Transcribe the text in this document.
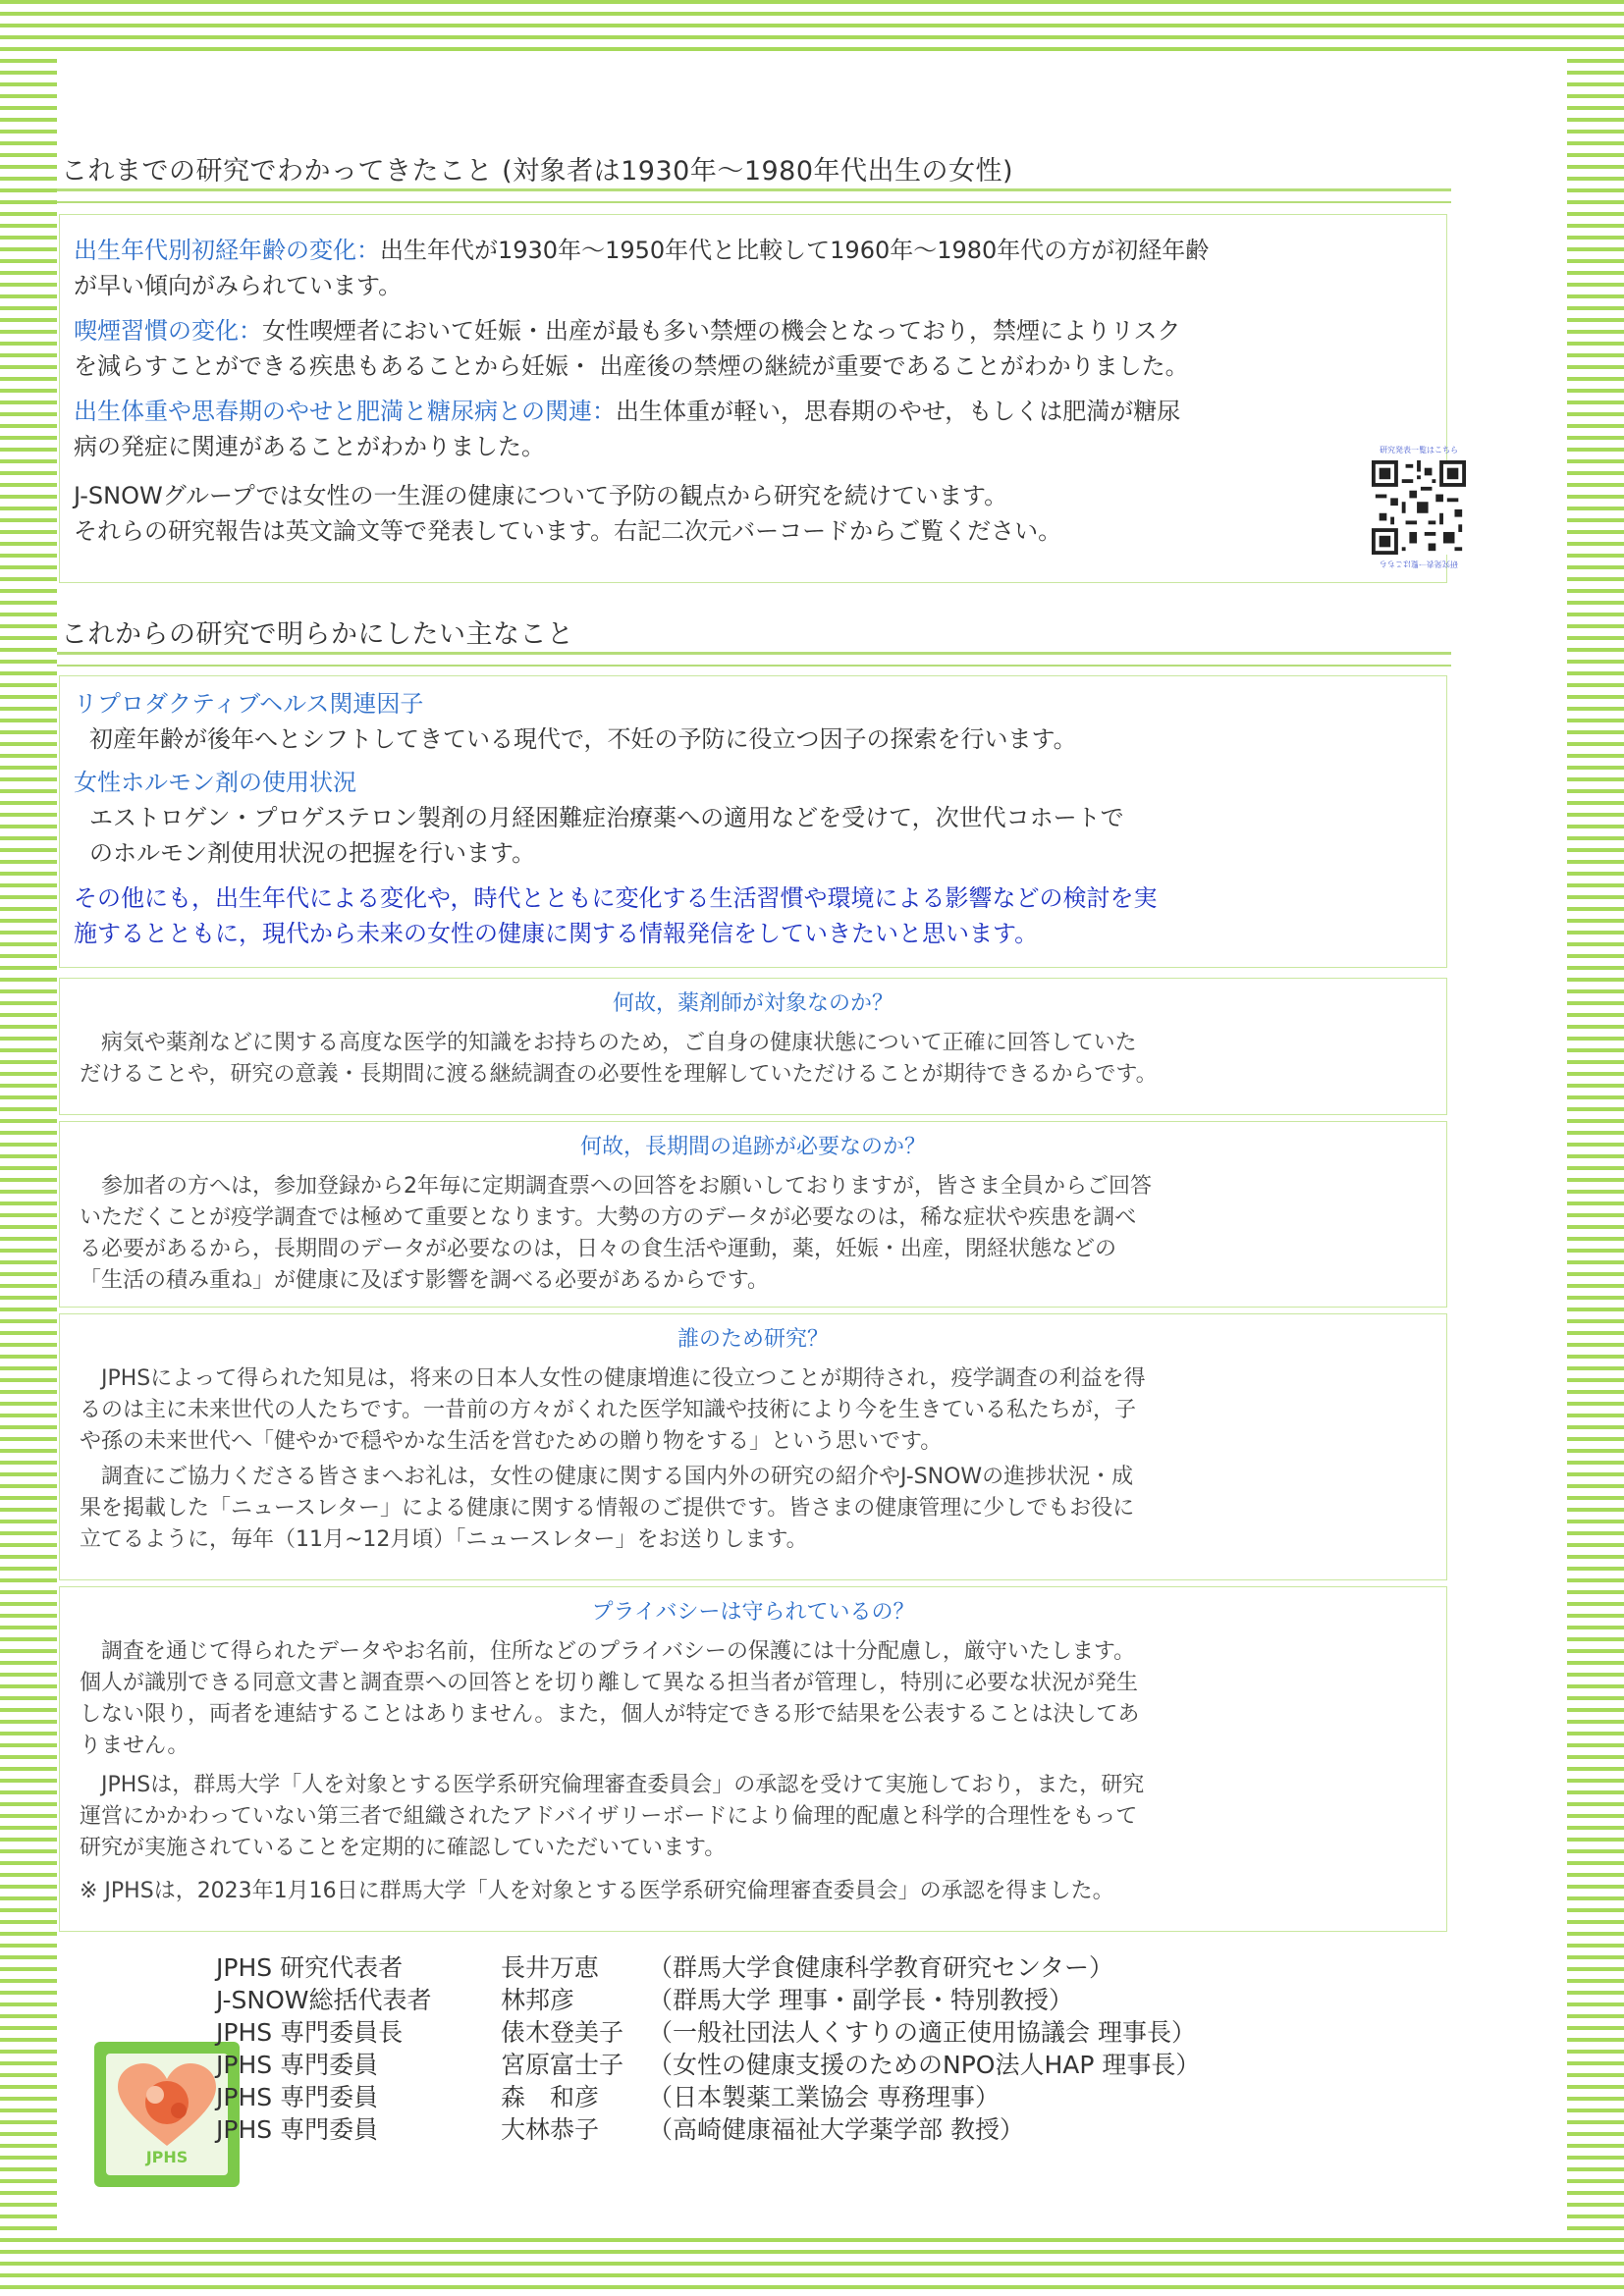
これまでの研究でわかってきたこと (対象者は1930年～1980年代出生の女性)

出生年代別初経年齢の変化：出生年代が1930年～1950年代と比較して1960年～1980年代の方が初経年齢
が早い傾向がみられています。

喫煙習慣の変化：女性喫煙者において妊娠・出産が最も多い禁煙の機会となっており，禁煙によりリスク
を減らすことができる疾患もあることから妊娠・ 出産後の禁煙の継続が重要であることがわかりました。

出生体重や思春期のやせと肥満と糖尿病との関連：出生体重が軽い，思春期のやせ，もしくは肥満が糖尿
病の発症に関連があることがわかりました。

J-SNOWグループでは女性の一生涯の健康について予防の観点から研究を続けています。
それらの研究報告は英文論文等で発表しています。右記二次元バーコードからご覧ください。

研究発表一覧はこちら
研究発表一覧はこちら
これからの研究で明らかにしたい主なこと
リプロダクティブヘルス関連因子
初産年齢が後年へとシフトしてきている現代で，不妊の予防に役立つ因子の探索を行います。
女性ホルモン剤の使用状況
エストロゲン・プロゲステロン製剤の月経困難症治療薬への適用などを受けて，次世代コホートで
のホルモン剤使用状況の把握を行います。
その他にも，出生年代による変化や，時代とともに変化する生活習慣や環境による影響などの検討を実
施するとともに，現代から未来の女性の健康に関する情報発信をしていきたいと思います。
何故，薬剤師が対象なのか？

病気や薬剤などに関する高度な医学的知識をお持ちのため，ご自身の健康状態について正確に回答していた
だけることや，研究の意義・長期間に渡る継続調査の必要性を理解していただけることが期待できるからです。

何故，長期間の追跡が必要なのか？

参加者の方へは，参加登録から2年毎に定期調査票への回答をお願いしておりますが，皆さま全員からご回答
いただくことが疫学調査では極めて重要となります。大勢の方のデータが必要なのは，稀な症状や疾患を調べ
る必要があるから，長期間のデータが必要なのは，日々の食生活や運動，薬，妊娠・出産，閉経状態などの
「生活の積み重ね」が健康に及ぼす影響を調べる必要があるからです。

誰のため研究？

JPHSによって得られた知見は，将来の日本人女性の健康増進に役立つことが期待され，疫学調査の利益を得
るのは主に未来世代の人たちです。一昔前の方々がくれた医学知識や技術により今を生きている私たちが，子
や孫の未来世代へ「健やかで穏やかな生活を営むための贈り物をする」という思いです。

調査にご協力くださる皆さまへお礼は，女性の健康に関する国内外の研究の紹介やJ-SNOWの進捗状況・成
果を掲載した「ニュースレター」による健康に関する情報のご提供です。皆さまの健康管理に少しでもお役に
立てるように，毎年（11月~12月頃）「ニュースレター」をお送りします。

プライバシーは守られているの？

調査を通じて得られたデータやお名前，住所などのプライバシーの保護には十分配慮し，厳守いたします。
個人が識別できる同意文書と調査票への回答とを切り離して異なる担当者が管理し，特別に必要な状況が発生
しない限り，両者を連結することはありません。また，個人が特定できる形で結果を公表することは決してあ
りません。

JPHSは，群馬大学「人を対象とする医学系研究倫理審査委員会」の承認を受けて実施しており，また，研究
運営にかかわっていない第三者で組織されたアドバイザリーボードにより倫理的配慮と科学的合理性をもって
研究が実施されていることを定期的に確認していただいています。

※ JPHSは，2023年1月16日に群馬大学「人を対象とする医学系研究倫理審査委員会」の承認を得ました。

JPHS
JPHS 研究代表者	長井万恵	（群馬大学食健康科学教育研究センター）
J-SNOW総括代表者	林邦彦	（群馬大学 理事・副学長・特別教授）
JPHS 専門委員長	俵木登美子 （一般社団法人くすりの適正使用協議会 理事長）
JPHS 専門委員	宮原富士子 （女性の健康支援のためのNPO法人HAP 理事長）
JPHS 専門委員	森　和彦	（日本製薬工業協会 専務理事）
JPHS 専門委員	大林恭子	（高崎健康福祉大学薬学部 教授）
